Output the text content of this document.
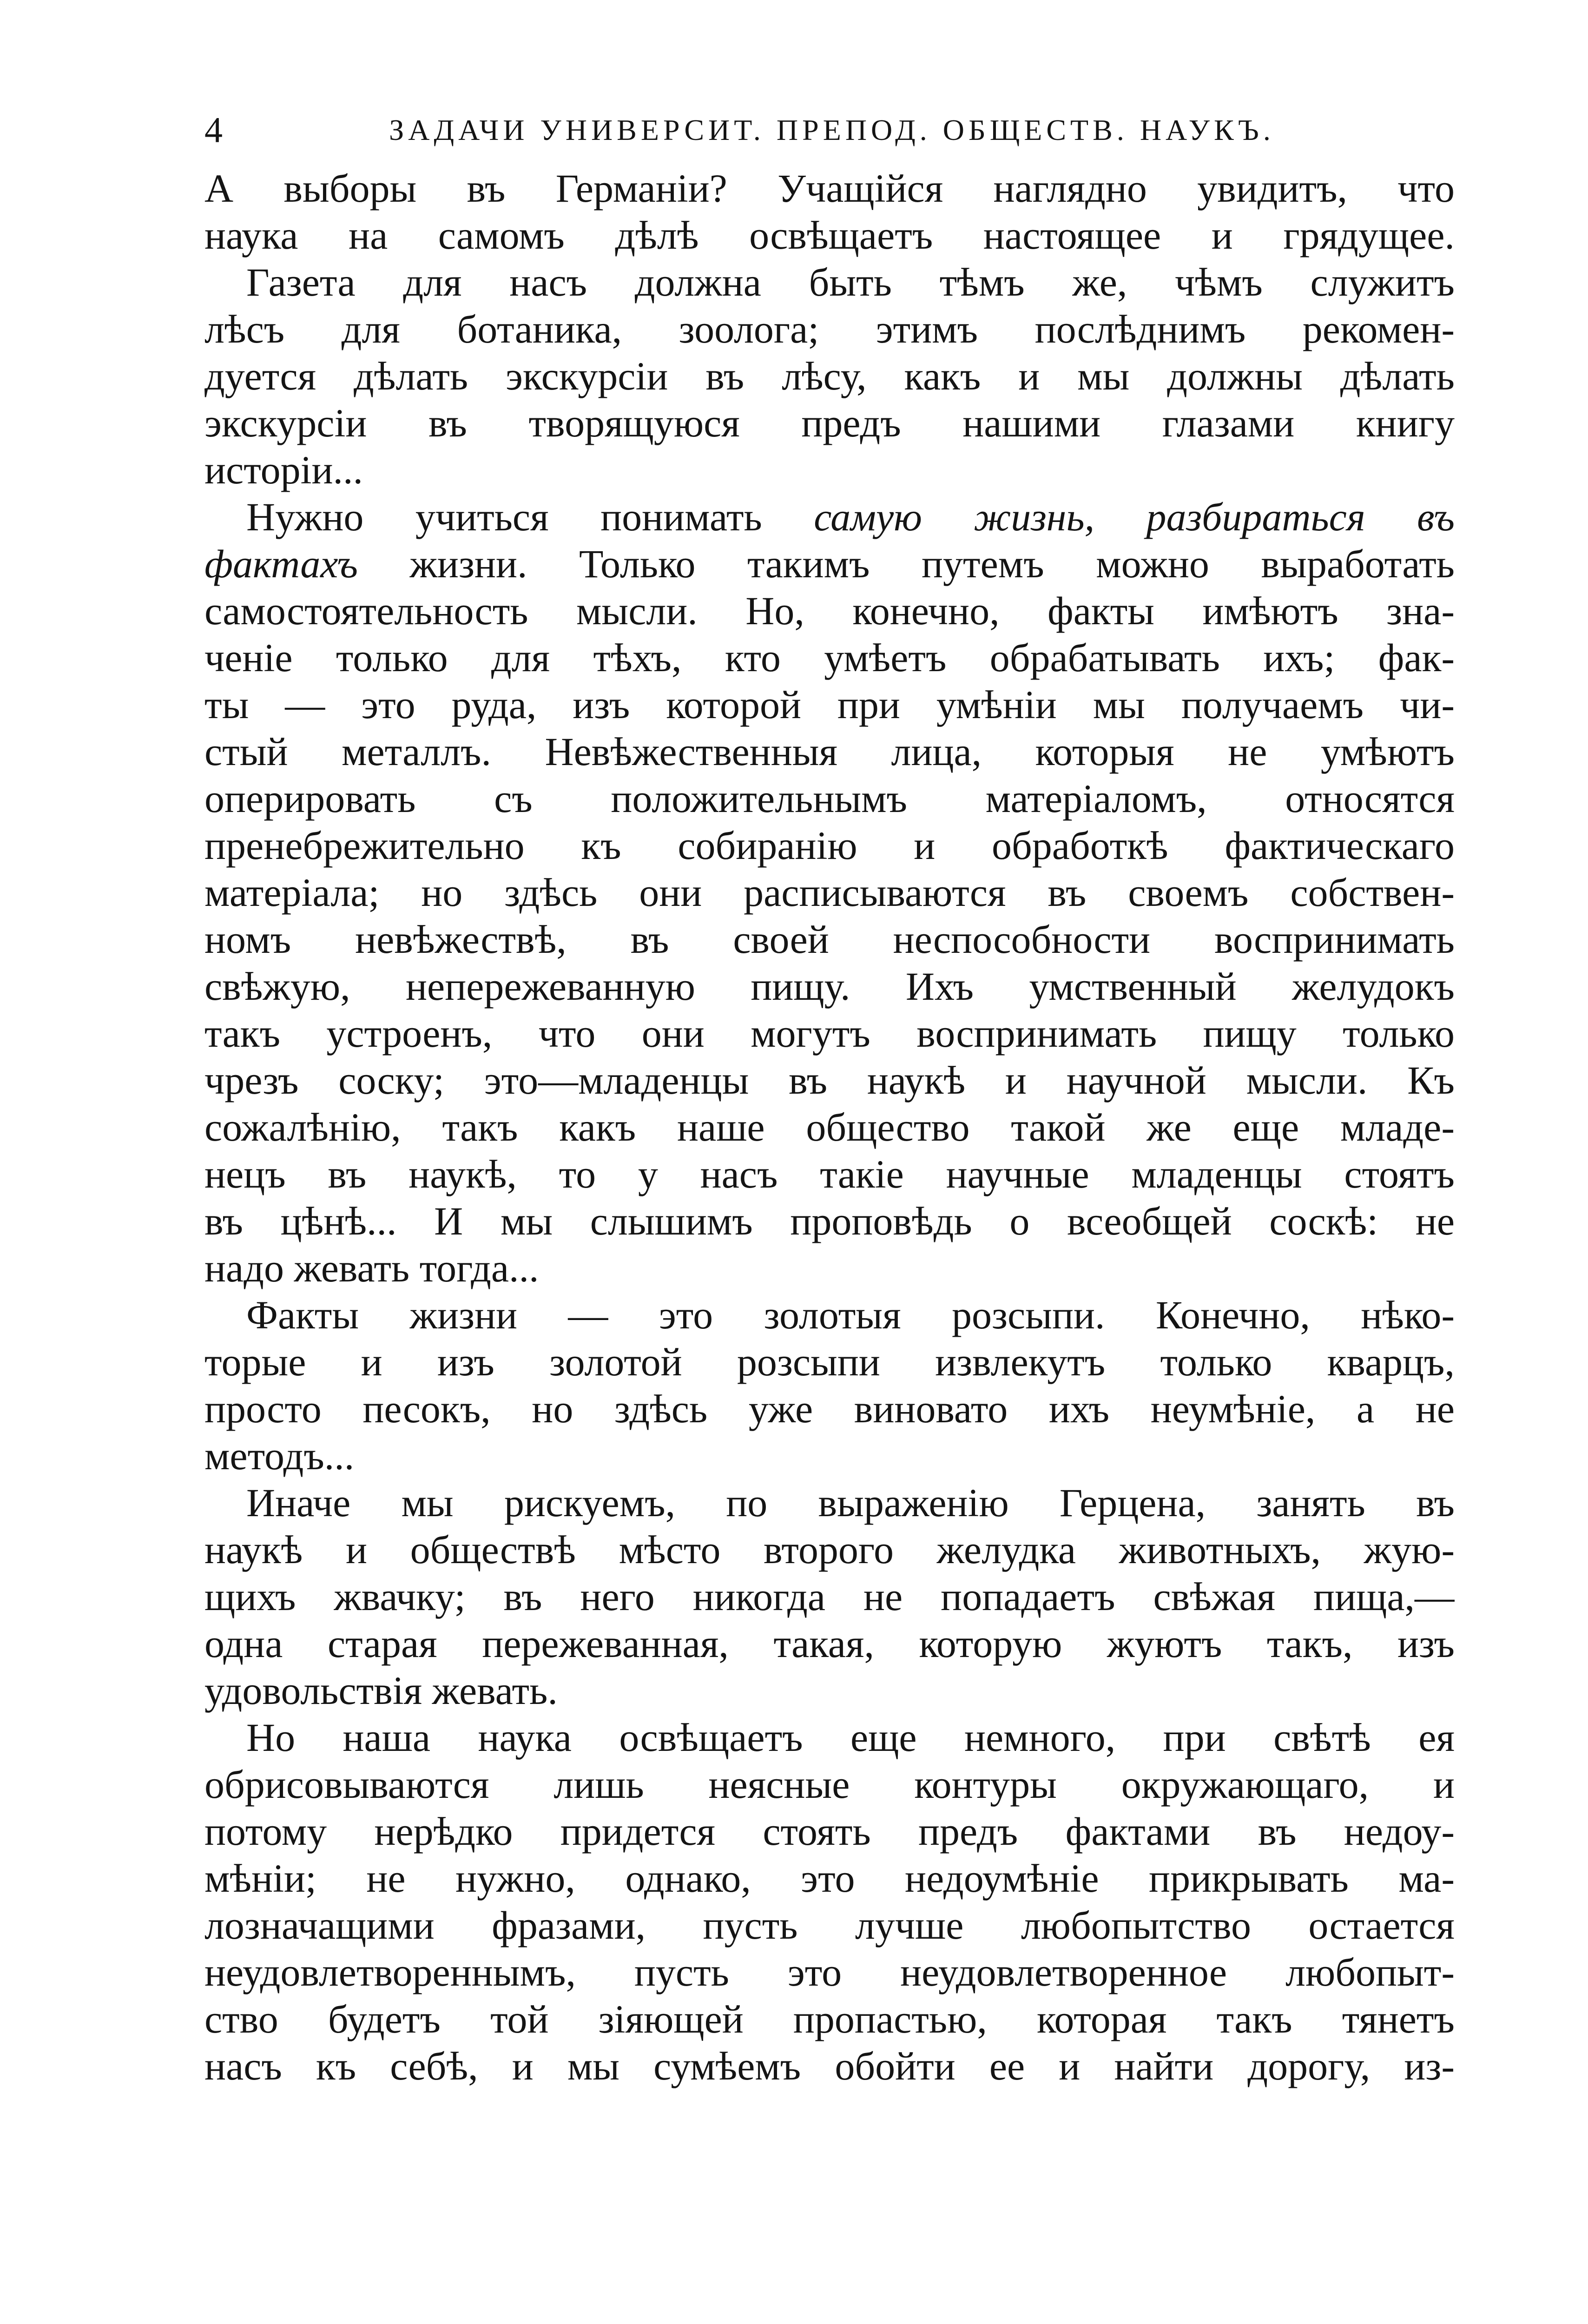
4	ЗАДАЧИ УНИВЕРСИТ. ПРЕПОД. ОБЩЕСТВ. НАУКЪ.
А выборы въ Германіи? Учащійся наглядно увидитъ, что
наука на самомъ дѣлѣ освѣщаетъ настоящее и грядущее.
Газета для насъ должна быть тѣмъ же, чѣмъ служитъ
лѣсъ для ботаника, зоолога; этимъ послѣднимъ рекомен-
дуется дѣлать экскурсіи въ лѣсу, какъ и мы должны дѣлать
экскурсіи въ творящуюся предъ нашими глазами книгу
исторіи...
Нужно учиться понимать самую жизнь, разбираться въ
фактахъ жизни. Только такимъ путемъ можно выработать
самостоятельность мысли. Но, конечно, факты имѣютъ зна-
ченіе только для тѣхъ, кто умѣетъ обрабатывать ихъ; фак-
ты — это руда, изъ которой при умѣніи мы получаемъ чи-
стый металлъ. Невѣжественныя лица, которыя не умѣютъ
оперировать съ положительнымъ матеріаломъ, относятся
пренебрежительно къ собиранію и обработкѣ фактическаго
матеріала; но здѣсь они расписываются въ своемъ собствен-
номъ невѣжествѣ, въ своей неспособности воспринимать
свѣжую, непережеванную пищу. Ихъ умственный желудокъ
такъ устроенъ, что они могутъ воспринимать пищу только
чрезъ соску; это—младенцы въ наукѣ и научной мысли. Къ
сожалѣнію, такъ какъ наше общество такой же еще младе-
нецъ въ наукѣ, то у насъ такіе научные младенцы стоятъ
въ цѣнѣ... И мы слышимъ проповѣдь о всеобщей соскѣ: не
надо жевать тогда...
Факты жизни — это золотыя розсыпи. Конечно, нѣко-
торые и изъ золотой розсыпи извлекутъ только кварцъ,
просто песокъ, но здѣсь уже виновато ихъ неумѣніе, а не
методъ...
Иначе мы рискуемъ, по выраженію Герцена, занять въ
наукѣ и обществѣ мѣсто второго желудка животныхъ, жую-
щихъ жвачку; въ него никогда не попадаетъ свѣжая пища,—
одна старая пережеванная, такая, которую жуютъ такъ, изъ
удовольствія жевать.
Но наша наука освѣщаетъ еще немного, при свѣтѣ ея
обрисовываются лишь неясные контуры окружающаго, и
потому нерѣдко придется стоять предъ фактами въ недоу-
мѣніи; не нужно, однако, это недоумѣніе прикрывать ма-
лозначащими фразами, пусть лучше любопытство остается
неудовлетвореннымъ, пусть это неудовлетворенное любопыт-
ство будетъ той зіяющей пропастью, которая такъ тянетъ
насъ къ себѣ, и мы сумѣемъ обойти ее и найти дорогу, из-
